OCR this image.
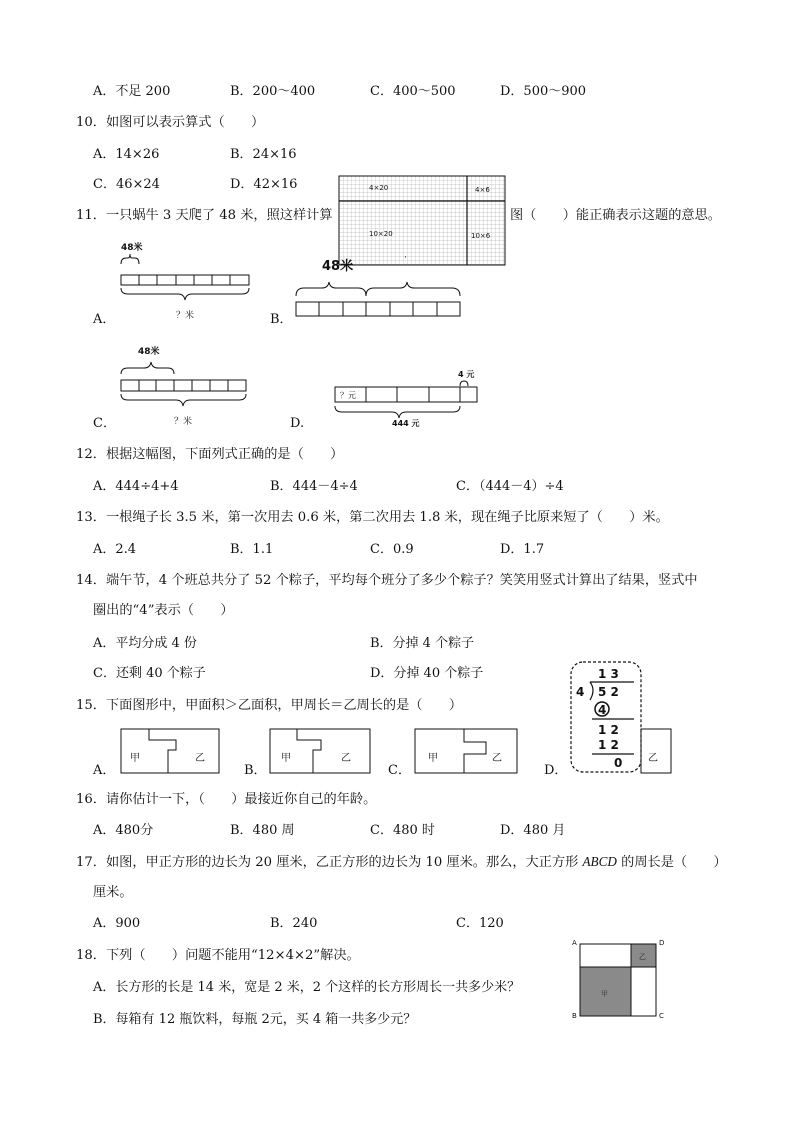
A．不足 200	B．200～400	C．400～500	D．500～900
10．如图可以表示算式（　　）
A．14×26	B．24×16
C．46×24	D．42×16
11．一只蜗牛 3 天爬了 48 米，照这样计算	图（　　）能正确表示这题的意思。
4×20	4×6
10×20	10×6
A．
48米
？米	B．
48米
·
C．
48米
？米	D.
4 元
？元
444 元
12．根据这幅图，下面列式正确的是（　　）
A．444÷4+4	B．444－4÷4	C．（444－4）÷4
13．一根绳子长 3.5 米，第一次用去 0.6 米，第二次用去 1.8 米，现在绳子比原来短了（　　）米。
A．2.4	B．1.1	C．0.9	D．1.7
14．端午节，4 个班总共分了 52 个粽子，平均每个班分了多少个粽子？笑笑用竖式计算出了结果，竖式中
圈出的“4”表示（　　）
A．平均分成 4 份	B．分掉 4 个粽子
C．还剩 40 个粽子	D．分掉 40 个粽子	1 3
4 5 2
4
1 2
1 2
0
15．下面图形中，甲面积＞乙面积，甲周长＝乙周长的是（　　）
A．
甲	乙
B．
甲	乙
C．
甲	乙
D．
乙
16．请你估计一下，（　　）最接近你自己的年龄。
A．480分	B．480 周	C．480 时	D．480 月
17．如图，甲正方形的边长为 20 厘米，乙正方形的边长为 10 厘米。那么，大正方形 ABCD 的周长是（　　）
厘米。
A．900	B．240	C．120
18．下列（　　）问题不能用“12×4×2”解决。
A．长方形的长是 14 米，宽是 2 米，2 个这样的长方形周长一共多少米？
B．每箱有 12 瓶饮料，每瓶 2元，买 4 箱一共多少元？
A	D
B	C
甲
乙
